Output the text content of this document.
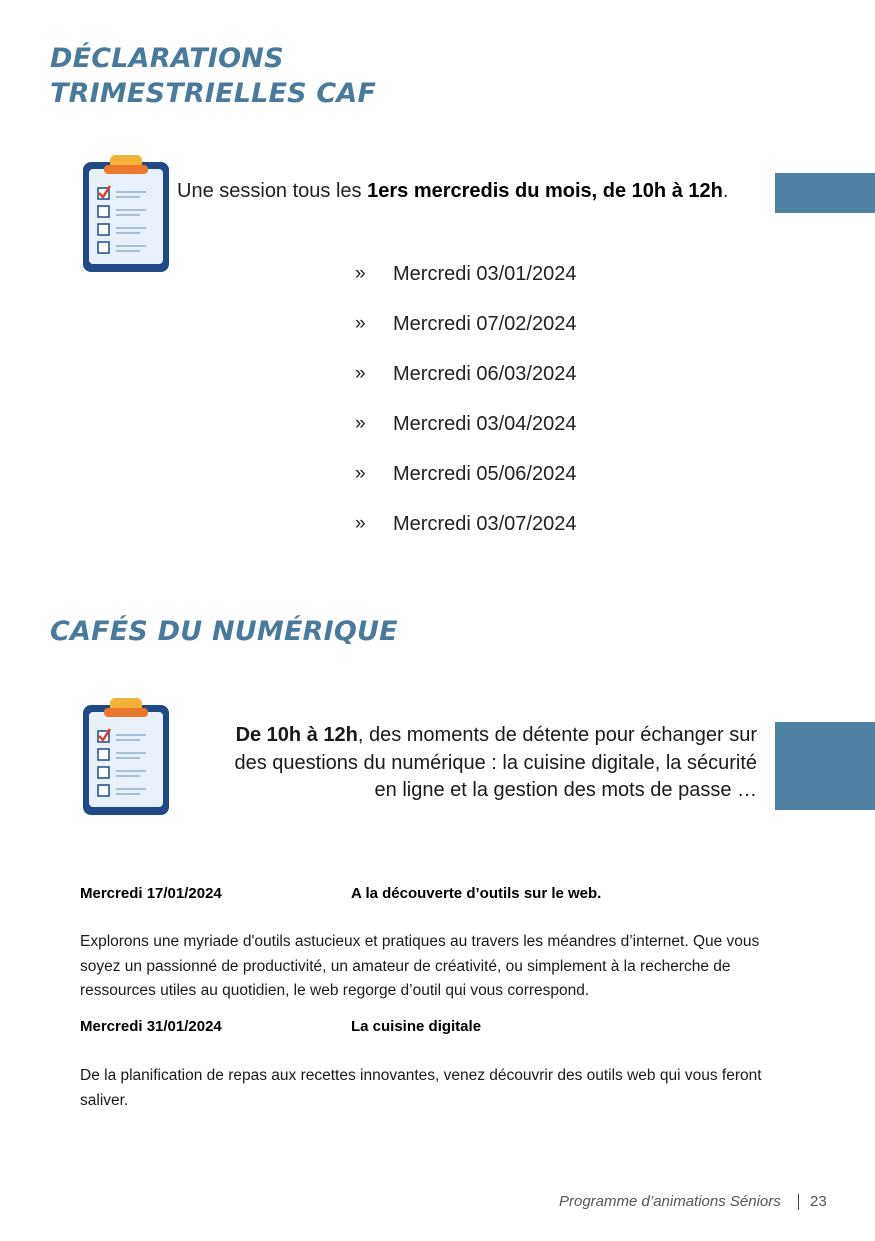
DÉCLARATIONS
TRIMESTRIELLES CAF
Une session tous les 1ers mercredis du mois, de 10h à 12h.
»	Mercredi 03/01/2024
»	Mercredi 07/02/2024
»	Mercredi 06/03/2024
»	Mercredi 03/04/2024
»	Mercredi 05/06/2024
»	Mercredi 03/07/2024
CAFÉS DU NUMÉRIQUE
De 10h à 12h, des moments de détente pour échanger sur
des questions du numérique : la cuisine digitale, la sécurité
en ligne et la gestion des mots de passe …
Mercredi 17/01/2024	A la découverte d’outils sur le web.
Explorons une myriade d'outils astucieux et pratiques au travers les méandres d’internet. Que vous soyez un passionné de productivité, un amateur de créativité, ou simplement à la recherche de ressources utiles au quotidien, le web regorge d’outil qui vous correspond.
Mercredi 31/01/2024	La cuisine digitale
De la planification de repas aux recettes innovantes, venez découvrir des outils web qui vous feront saliver.
Programme d’animations Séniors 23
